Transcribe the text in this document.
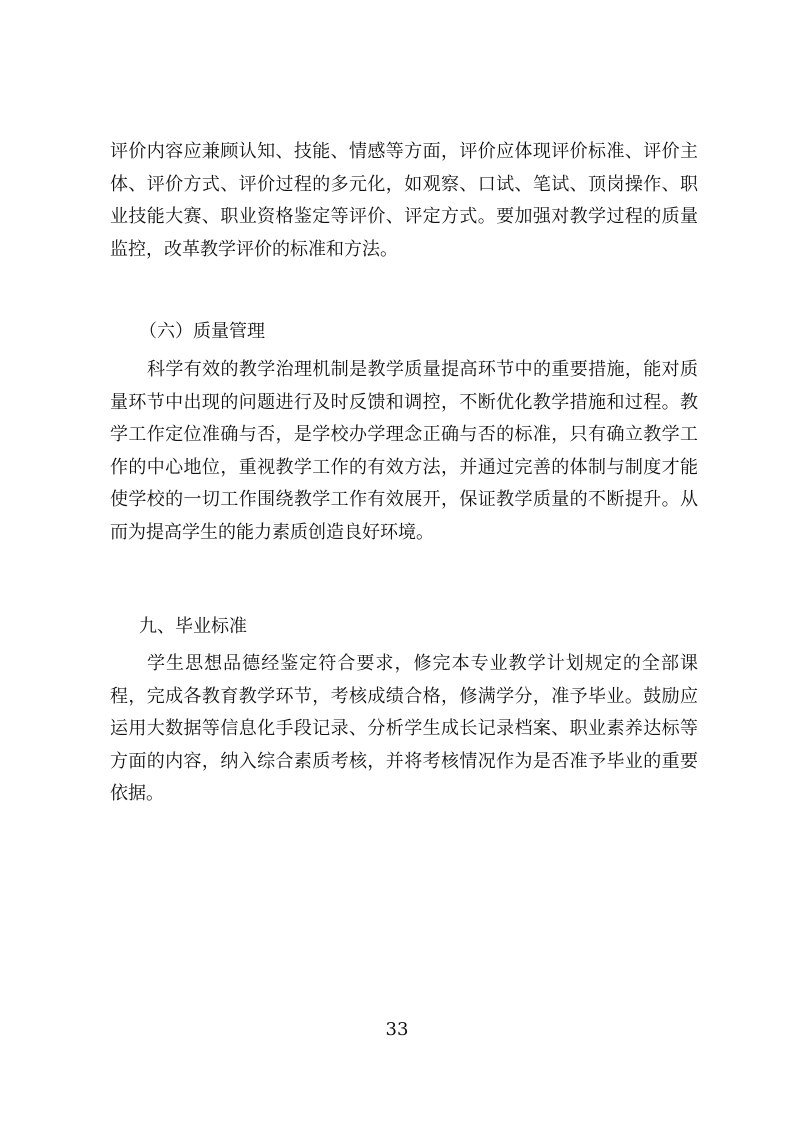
评价内容应兼顾认知、技能、情感等方面，评价应体现评价标准、评价主体、评价方式、评价过程的多元化，如观察、口试、笔试、顶岗操作、职业技能大赛、职业资格鉴定等评价、评定方式。要加强对教学过程的质量监控，改革教学评价的标准和方法。

（六）质量管理

科学有效的教学治理机制是教学质量提高环节中的重要措施，能对质量环节中出现的问题进行及时反馈和调控，不断优化教学措施和过程。教学工作定位准确与否，是学校办学理念正确与否的标准，只有确立教学工作的中心地位，重视教学工作的有效方法，并通过完善的体制与制度才能使学校的一切工作围绕教学工作有效展开，保证教学质量的不断提升。从而为提高学生的能力素质创造良好环境。

九、毕业标准

学生思想品德经鉴定符合要求，修完本专业教学计划规定的全部课程，完成各教育教学环节，考核成绩合格，修满学分，准予毕业。鼓励应运用大数据等信息化手段记录、分析学生成长记录档案、职业素养达标等方面的内容，纳入综合素质考核，并将考核情况作为是否准予毕业的重要依据。

33
